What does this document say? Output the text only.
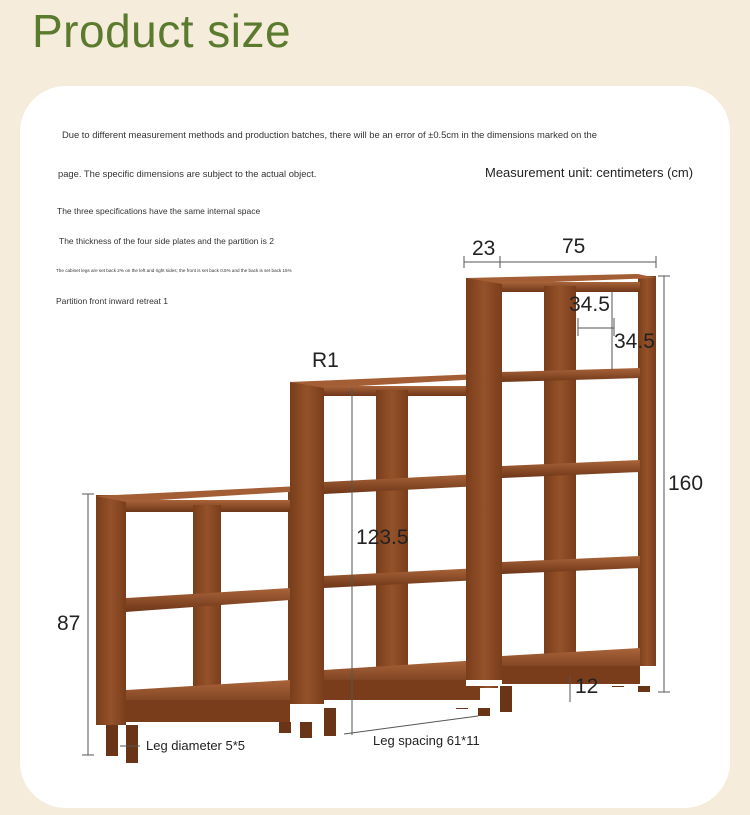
Product size
Due to different measurement methods and production batches, there will be an error of ±0.5cm in the dimensions marked on the
page. The specific dimensions are subject to the actual object.
The three specifications have the same internal space
The thickness of the four side plates and the partition is 2
The cabinet legs are set back 2% on the left and right sides; the front is set back 0.5% and the back is set back 15%
Partition front inward retreat 1
Measurement unit: centimeters (cm)
23	75
34.5
34.5
160
R1
123.5
87
12
Leg diameter 5*5	Leg spacing 61*11
